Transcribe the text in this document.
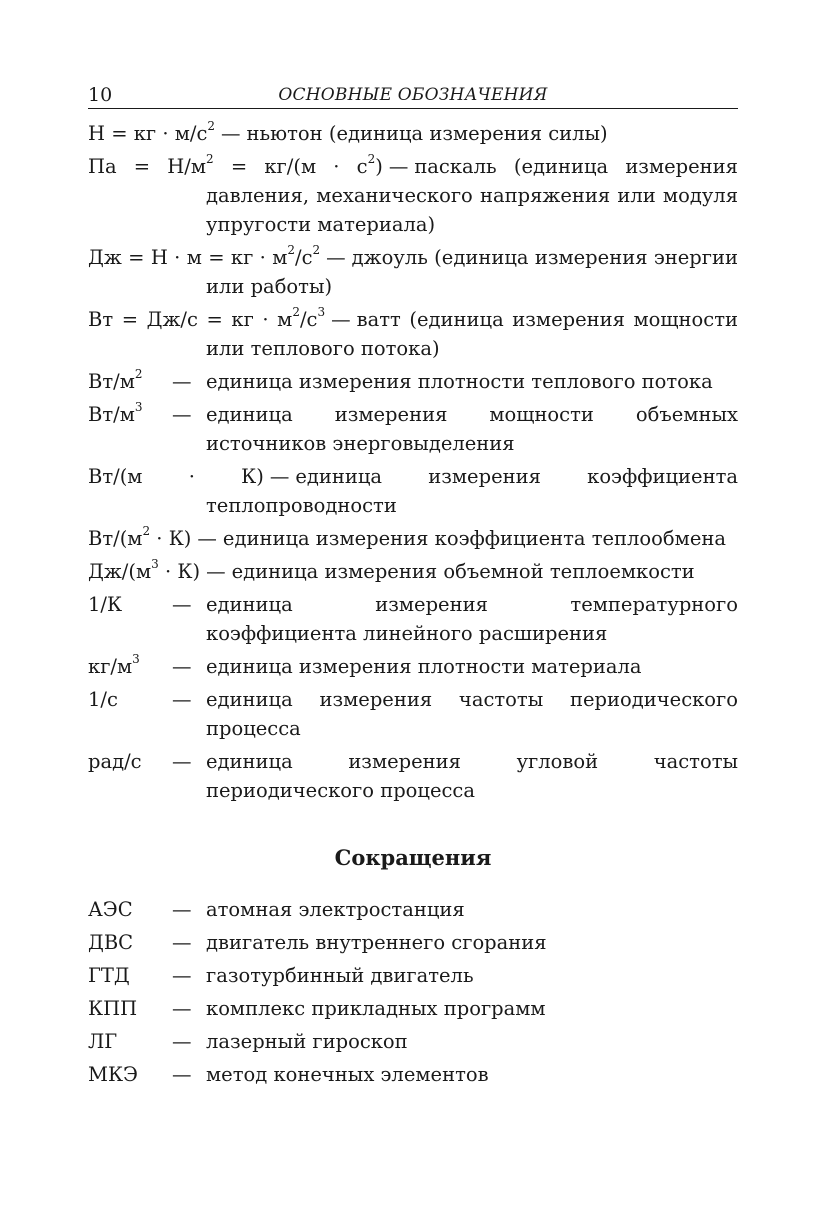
10	ОСНОВНЫЕ ОБОЗНАЧЕНИЯ
Н = кг · $м/с^2$ — ньютон (единица измерения силы)
Па = $Н/м^2 = кг/(м \cdot с^2)$ — паскаль (единица измерения давления, механического напряжения или модуля упругости материала)
Дж = Н · м = кг · $м^2/с^2$ — джоуль (единица измерения энергии или работы)
Вт = Дж/с = кг · $м^2/с^3$ — ватт (единица измерения мощности или теплового потока)
$Вт/м^2$ — единица измерения плотности теплового потока
$Вт/м^3$ — единица измерения мощности объемных источников энерговыделения
Вт/(м · К) — единица измерения коэффициента теплопроводности
$Вт/(м^2 \cdot К)$ — единица измерения коэффициента теплообмена
$Дж/(м^3 \cdot К)$ — единица измерения объемной теплоемкости
1/К	— единица измерения температурного коэффициента линейного расширения
$кг/м^3$ — единица измерения плотности материала
1/с	— единица измерения частоты периодического процесса
рад/с — единица измерения угловой частоты периодического процесса
Сокращения
АЭС — атомная электростанция
ДВС — двигатель внутреннего сгорания
ГТД — газотурбинный двигатель
КПП — комплекс прикладных программ
ЛГ	— лазерный гироскоп
МКЭ — метод конечных элементов
